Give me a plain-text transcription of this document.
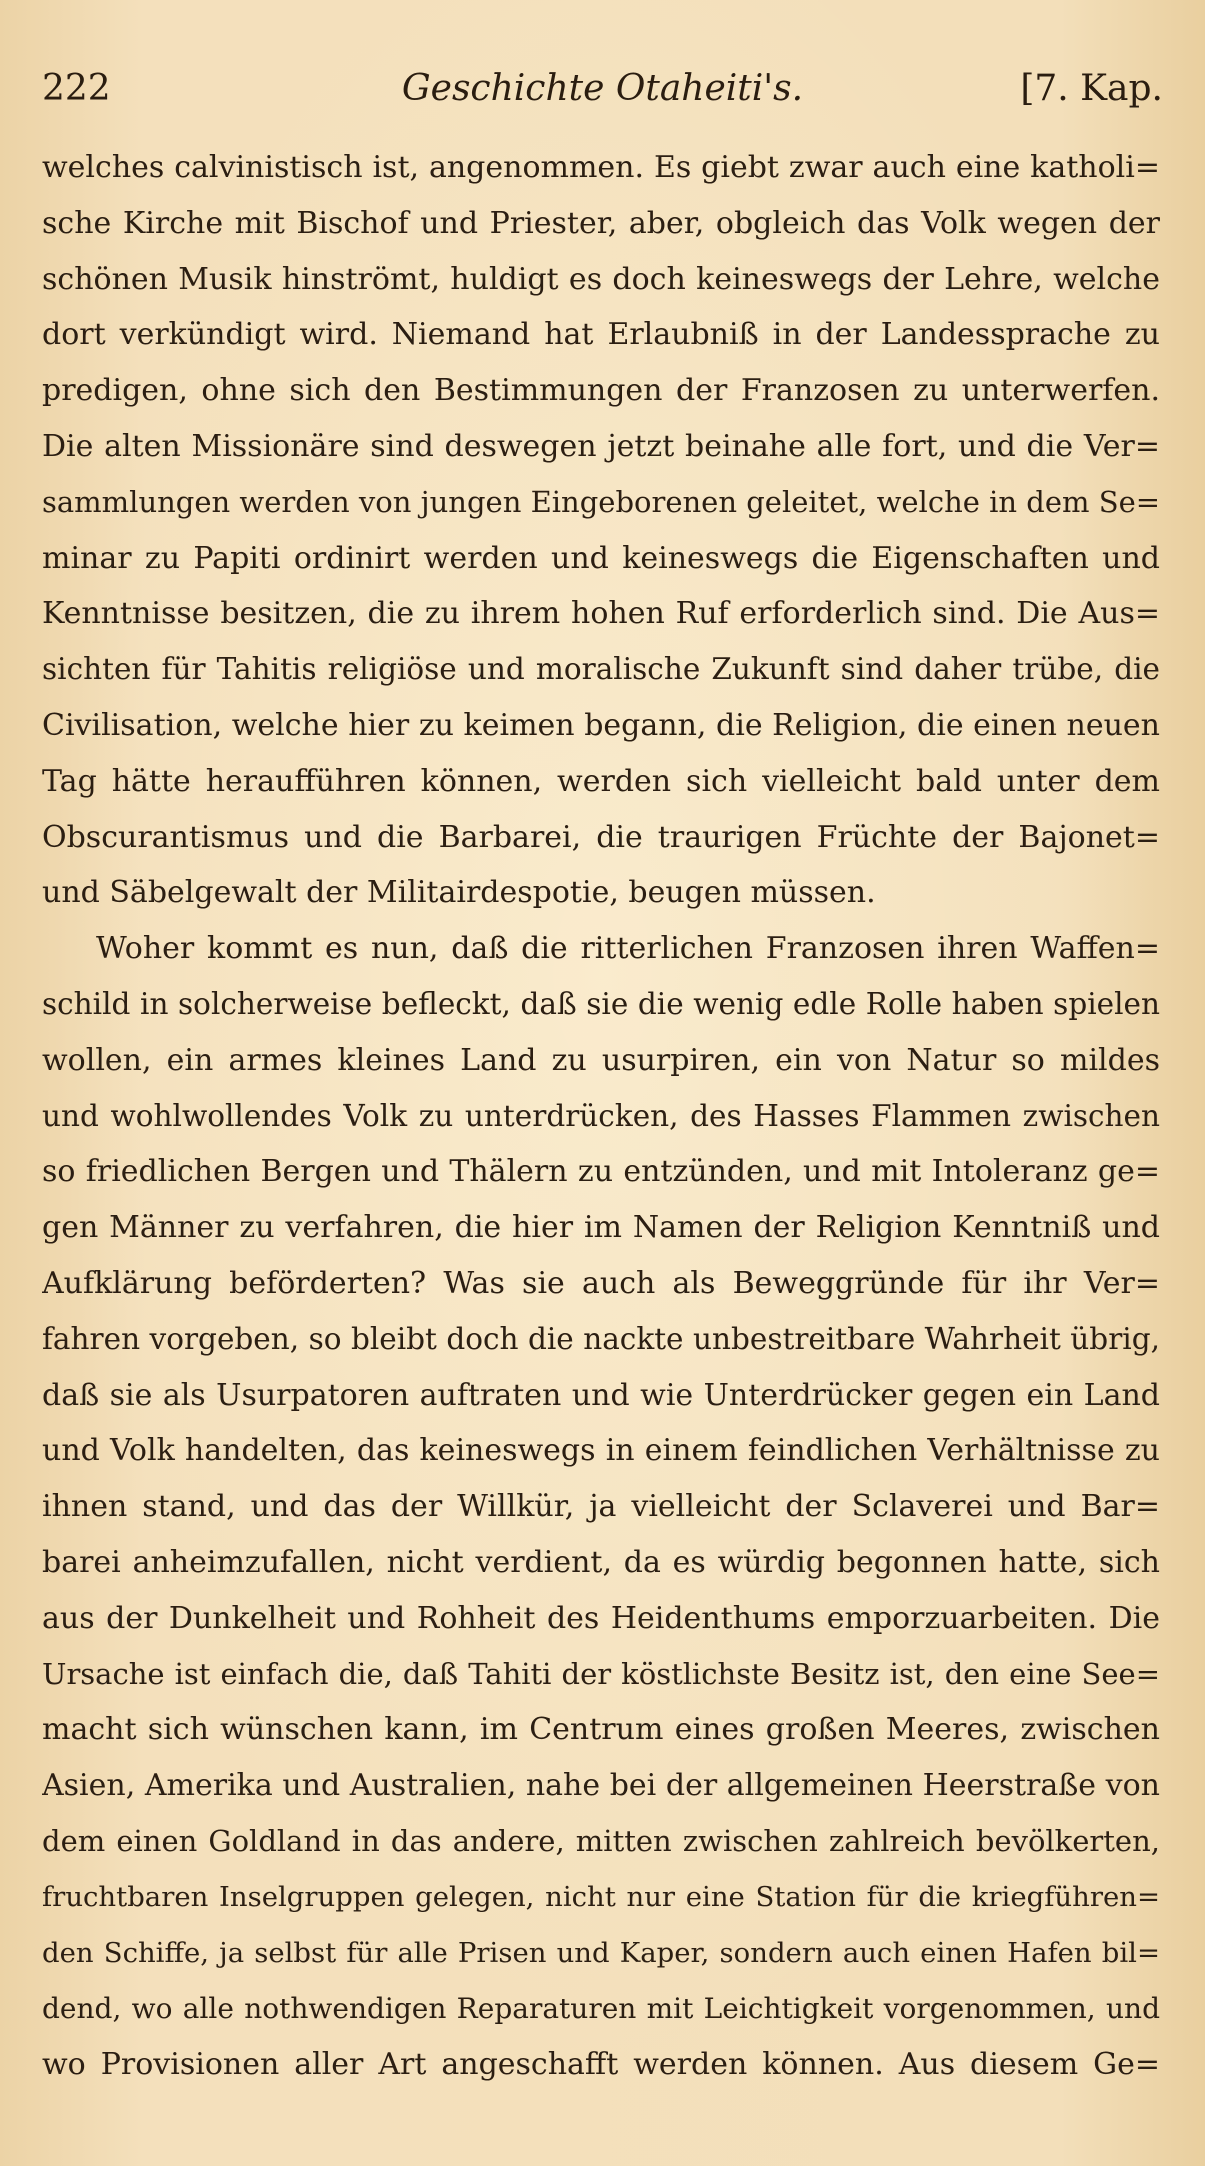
222	Geschichte Otaheiti's.	[7. Kap.
welches calvinistisch ist, angenommen. Es giebt zwar auch eine katholi=
sche Kirche mit Bischof und Priester, aber, obgleich das Volk wegen der
schönen Musik hinströmt, huldigt es doch keineswegs der Lehre, welche
dort verkündigt wird. Niemand hat Erlaubniß in der Landessprache zu
predigen, ohne sich den Bestimmungen der Franzosen zu unterwerfen.
Die alten Missionäre sind deswegen jetzt beinahe alle fort, und die Ver=
sammlungen werden von jungen Eingeborenen geleitet, welche in dem Se=
minar zu Papiti ordinirt werden und keineswegs die Eigenschaften und
Kenntnisse besitzen, die zu ihrem hohen Ruf erforderlich sind. Die Aus=
sichten für Tahitis religiöse und moralische Zukunft sind daher trübe, die
Civilisation, welche hier zu keimen begann, die Religion, die einen neuen
Tag hätte heraufführen können, werden sich vielleicht bald unter dem
Obscurantismus und die Barbarei, die traurigen Früchte der Bajonet=
und Säbelgewalt der Militairdespotie, beugen müssen.
Woher kommt es nun, daß die ritterlichen Franzosen ihren Waffen=
schild in solcherweise befleckt, daß sie die wenig edle Rolle haben spielen
wollen, ein armes kleines Land zu usurpiren, ein von Natur so mildes
und wohlwollendes Volk zu unterdrücken, des Hasses Flammen zwischen
so friedlichen Bergen und Thälern zu entzünden, und mit Intoleranz ge=
gen Männer zu verfahren, die hier im Namen der Religion Kenntniß und
Aufklärung beförderten? Was sie auch als Beweggründe für ihr Ver=
fahren vorgeben, so bleibt doch die nackte unbestreitbare Wahrheit übrig,
daß sie als Usurpatoren auftraten und wie Unterdrücker gegen ein Land
und Volk handelten, das keineswegs in einem feindlichen Verhältnisse zu
ihnen stand, und das der Willkür, ja vielleicht der Sclaverei und Bar=
barei anheimzufallen, nicht verdient, da es würdig begonnen hatte, sich
aus der Dunkelheit und Rohheit des Heidenthums emporzuarbeiten. Die
Ursache ist einfach die, daß Tahiti der köstlichste Besitz ist, den eine See=
macht sich wünschen kann, im Centrum eines großen Meeres, zwischen
Asien, Amerika und Australien, nahe bei der allgemeinen Heerstraße von
dem einen Goldland in das andere, mitten zwischen zahlreich bevölkerten,
fruchtbaren Inselgruppen gelegen, nicht nur eine Station für die kriegführen=
den Schiffe, ja selbst für alle Prisen und Kaper, sondern auch einen Hafen bil=
dend, wo alle nothwendigen Reparaturen mit Leichtigkeit vorgenommen, und
wo Provisionen aller Art angeschafft werden können. Aus diesem Ge=
